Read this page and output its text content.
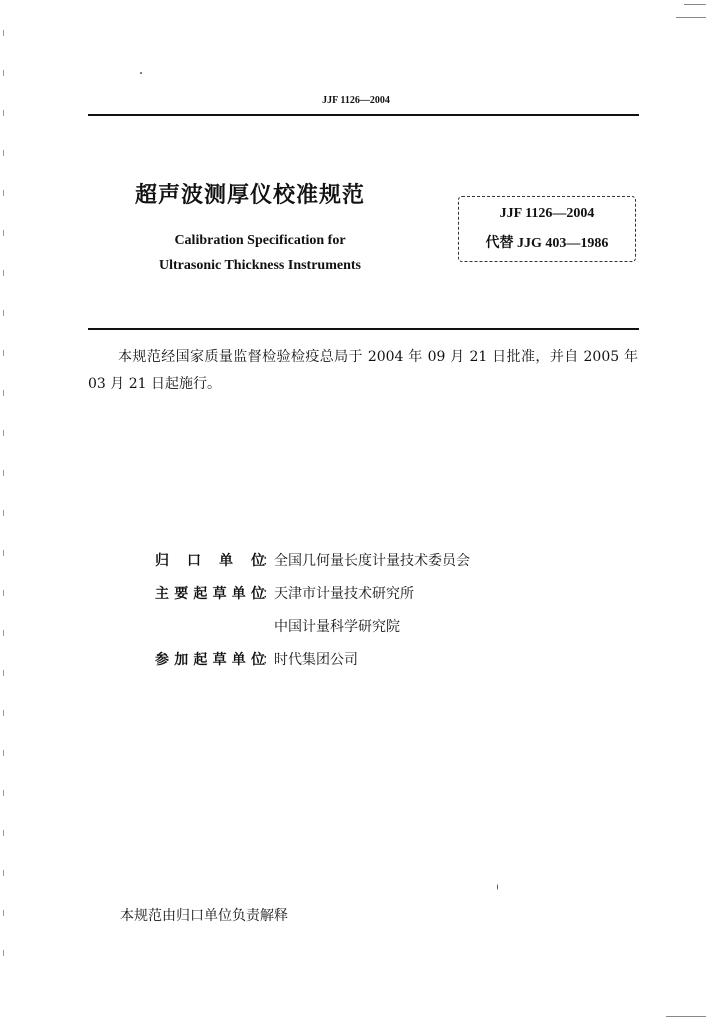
JJF 1126—2004
超声波测厚仪校准规范
Calibration Specification for
Ultrasonic Thickness Instruments
JJF 1126—2004
代替 JJG 403—1986
本规范经国家质量监督检验检疫总局于 2004 年 09 月 21 日批准，并自 2005 年 03 月 21 日起施行。
归 口 单 位
：
全国几何量长度计量技术委员会
主要起草单位
：
天津市计量技术研究所
中国计量科学研究院
参加起草单位
：
时代集团公司
本规范由归口单位负责解释
